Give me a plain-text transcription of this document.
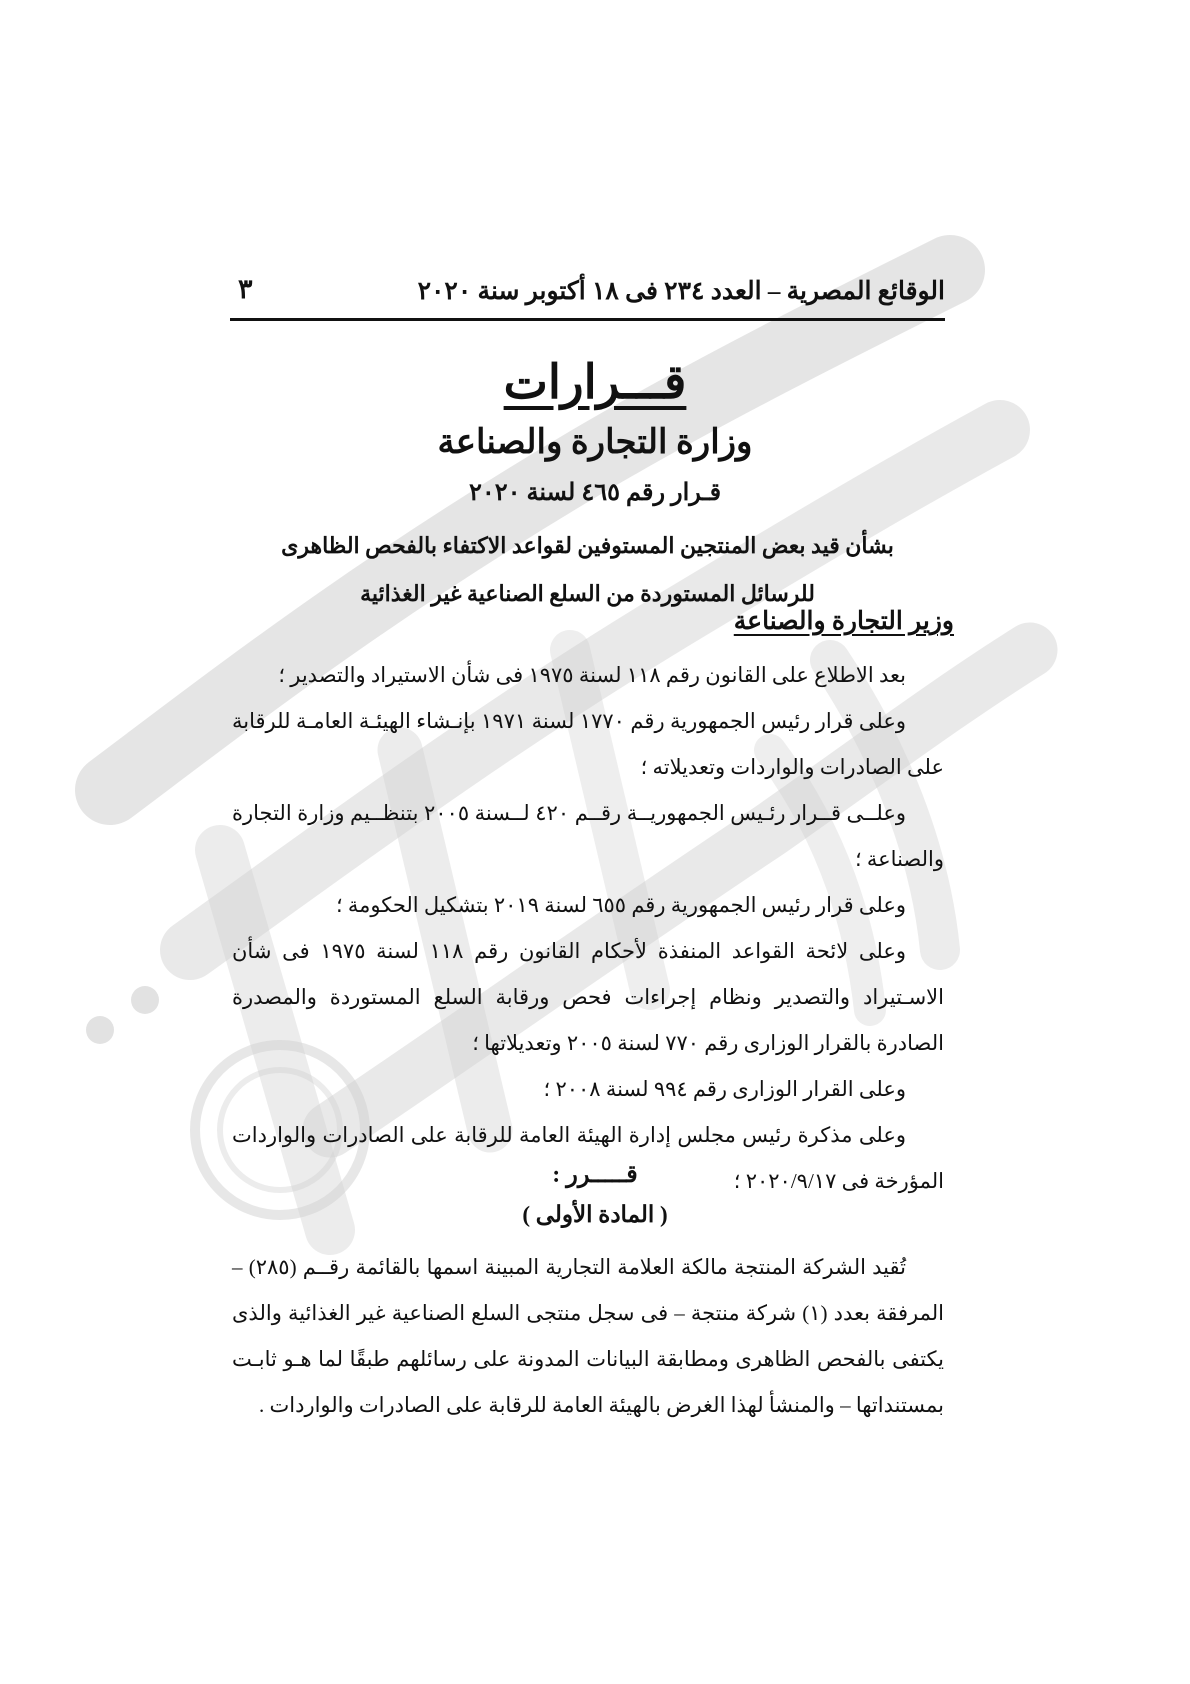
الوقائع المصرية – العدد ٢٣٤ فى ١٨ أكتوبر سنة ٢٠٢٠
٣
قـــرارات
وزارة التجارة والصناعة
قـرار رقم ٤٦٥ لسنة ٢٠٢٠
بشأن قيد بعض المنتجين المستوفين لقواعد الاكتفاء بالفحص الظاهرى
للرسائل المستوردة من السلع الصناعية غير الغذائية
وزير التجارة والصناعة

بعد الاطلاع على القانون رقم ١١٨ لسنة ١٩٧٥ فى شأن الاستيراد والتصدير ؛

وعلى قرار رئيس الجمهورية رقم ١٧٧٠ لسنة ١٩٧١ بإنـشاء الهيئـة العامـة للرقابة على الصادرات والواردات وتعديلاته ؛

وعلــى قــرار رئـيس الجمهوريــة رقــم ٤٢٠ لــسنة ٢٠٠٥ بتنظــيم وزارة التجارة والصناعة ؛

وعلى قرار رئيس الجمهورية رقم ٦٥٥ لسنة ٢٠١٩ بتشكيل الحكومة ؛

وعلى لائحة القواعد المنفذة لأحكام القانون رقم ١١٨ لسنة ١٩٧٥ فى شأن الاسـتيراد والتصدير ونظام إجراءات فحص ورقابة السلع المستوردة والمصدرة الصادرة بالقرار الوزارى رقم ٧٧٠ لسنة ٢٠٠٥ وتعديلاتها ؛

وعلى القرار الوزارى رقم ٩٩٤ لسنة ٢٠٠٨ ؛

وعلى مذكرة رئيس مجلس إدارة الهيئة العامة للرقابة على الصادرات والواردات المؤرخة فى ٢٠٢٠/٩/١٧ ؛

قـــــرر :
( المادة الأولى )
تُقيد الشركة المنتجة مالكة العلامة التجارية المبينة اسمها بالقائمة رقــم (٢٨٥) – المرفقة بعدد (١) شركة منتجة – فى سجل منتجى السلع الصناعية غير الغذائية والذى يكتفى بالفحص الظاهرى ومطابقة البيانات المدونة على رسائلهم طبقًا لما هـو ثابـت بمستنداتها – والمنشأ لهذا الغرض بالهيئة العامة للرقابة على الصادرات والواردات .
